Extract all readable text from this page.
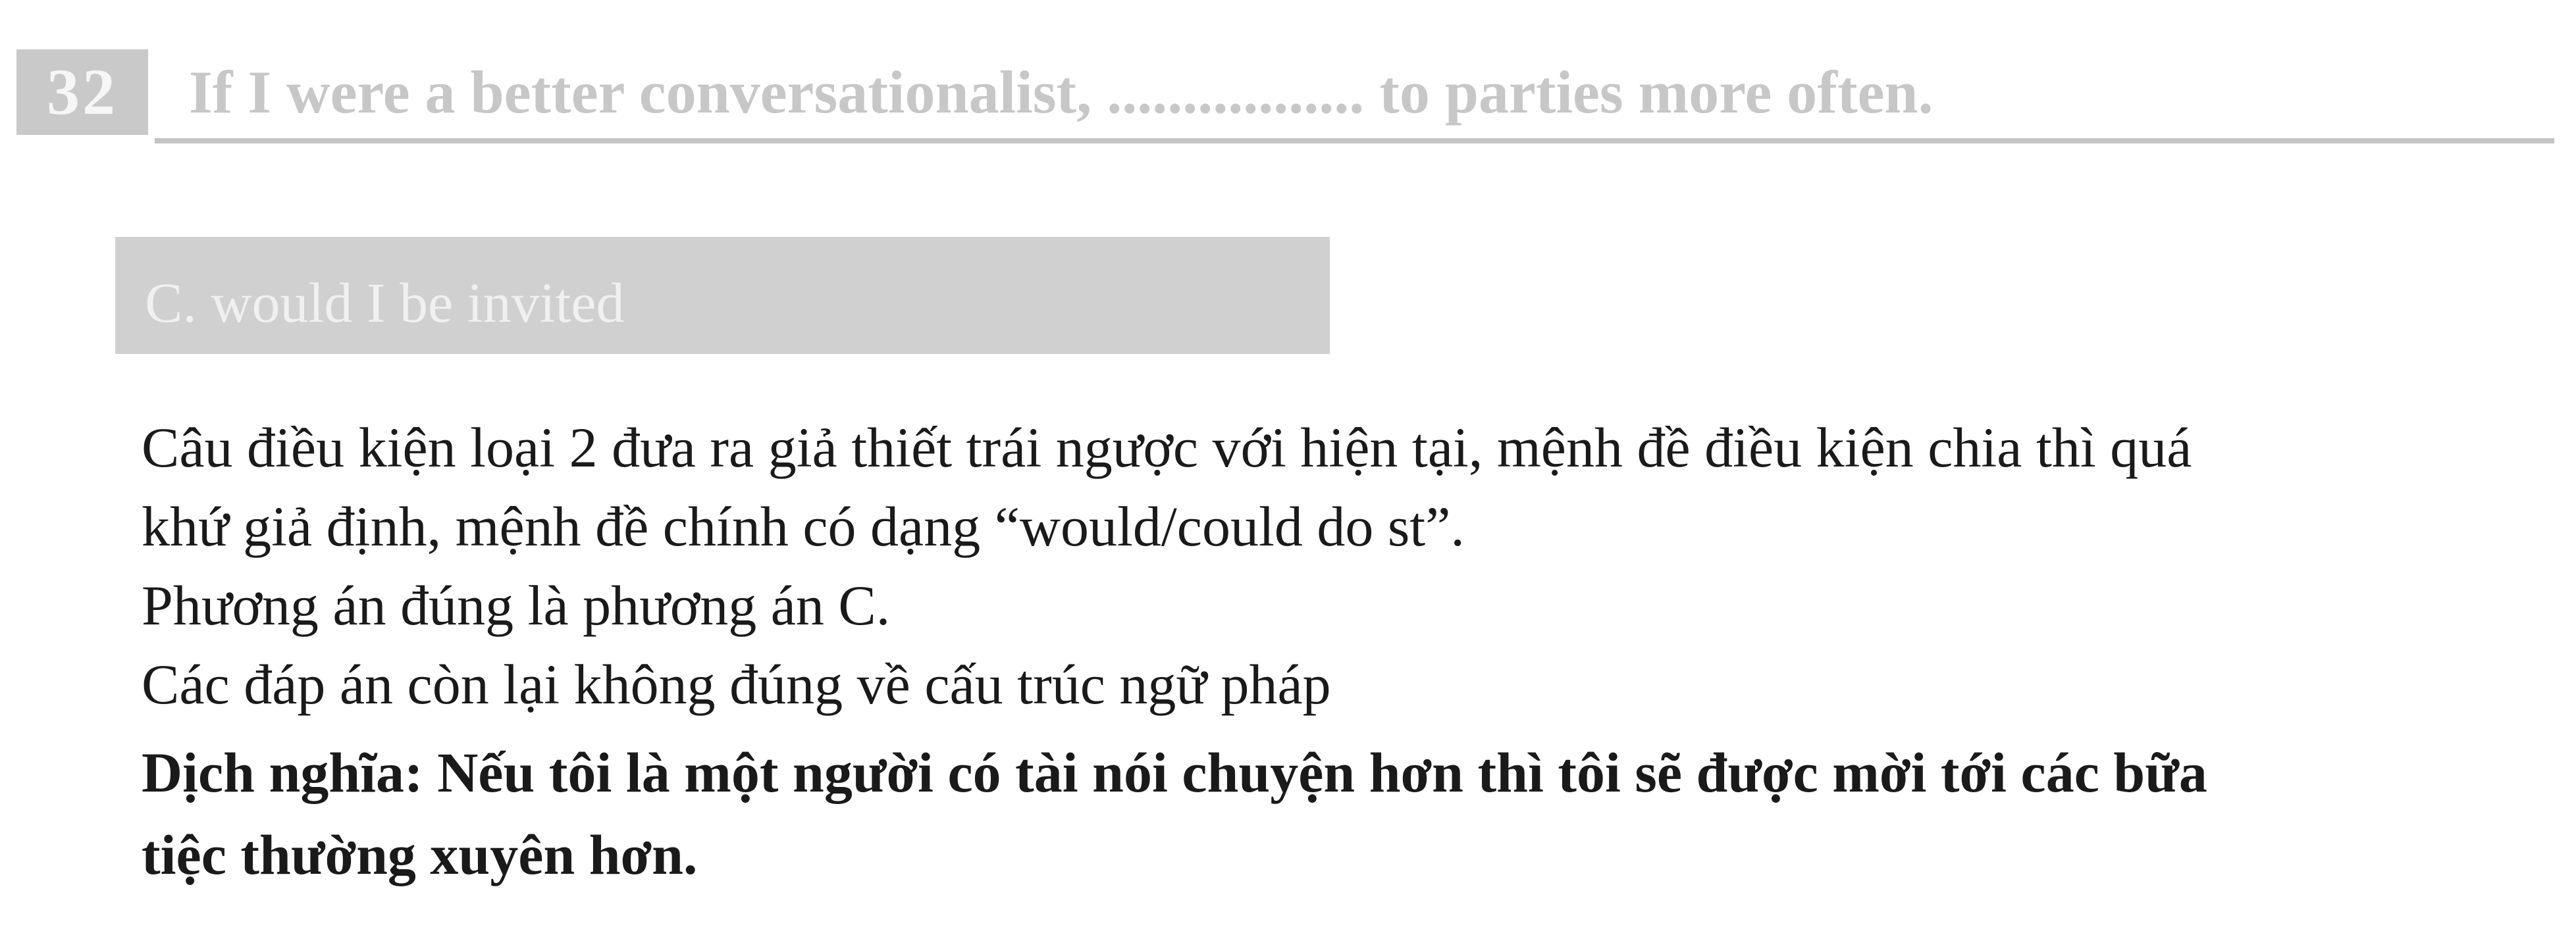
32	If I were a better conversationalist, ................. to parties more often.
C. would I be invited

Câu điều kiện loại 2 đưa ra giả thiết trái ngược với hiện tại, mệnh đề điều kiện chia thì quá

khứ giả định, mệnh đề chính có dạng “would/could do st”.

Phương án đúng là phương án C.

Các đáp án còn lại không đúng về cấu trúc ngữ pháp

Dịch nghĩa: Nếu tôi là một người có tài nói chuyện hơn thì tôi sẽ được mời tới các bữa
tiệc thường xuyên hơn.
